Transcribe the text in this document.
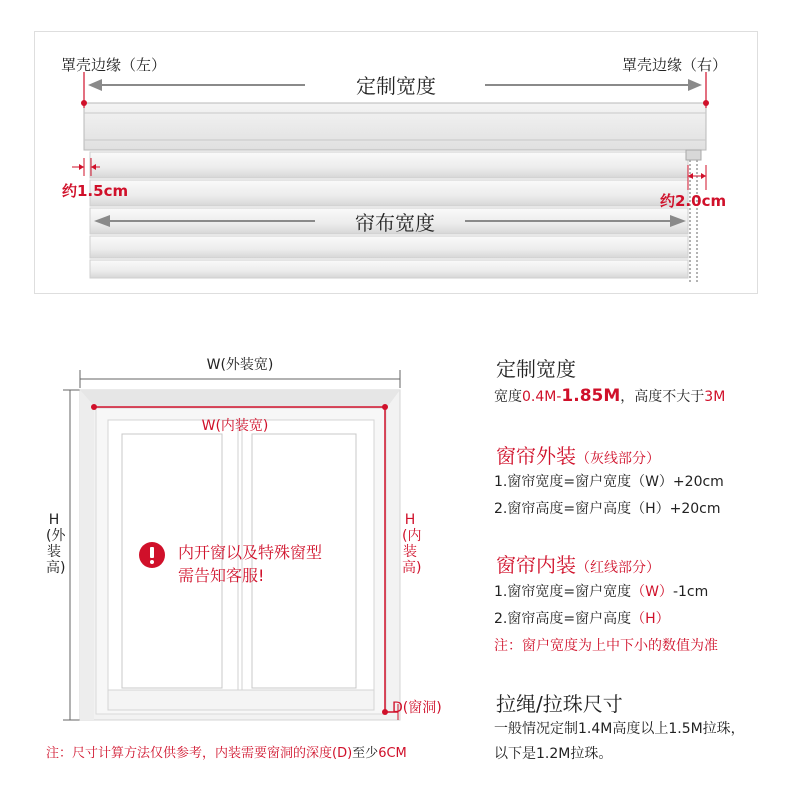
罩壳边缘（左）	罩壳边缘（右）
定制宽度
约1.5cm
约2.0cm
帘布宽度
W(外装宽)
W(内装宽)
H(外装高)
H(内装高)
D(窗洞)
内开窗以及特殊窗型
需告知客服!
注：尺寸计算方法仅供参考，内装需要窗洞的深度(D)至少6CM
定制宽度
宽度0.4M-1.85M，高度不大于3M
窗帘外装（灰线部分）
1.窗帘宽度=窗户宽度（W）+20cm
2.窗帘高度=窗户高度（H）+20cm
窗帘内装（红线部分）
1.窗帘宽度=窗户宽度（W）-1cm
2.窗帘高度=窗户高度（H）
注：窗户宽度为上中下小的数值为准
拉绳/拉珠尺寸
一般情况定制1.4M高度以上1.5M拉珠，
以下是1.2M拉珠。
